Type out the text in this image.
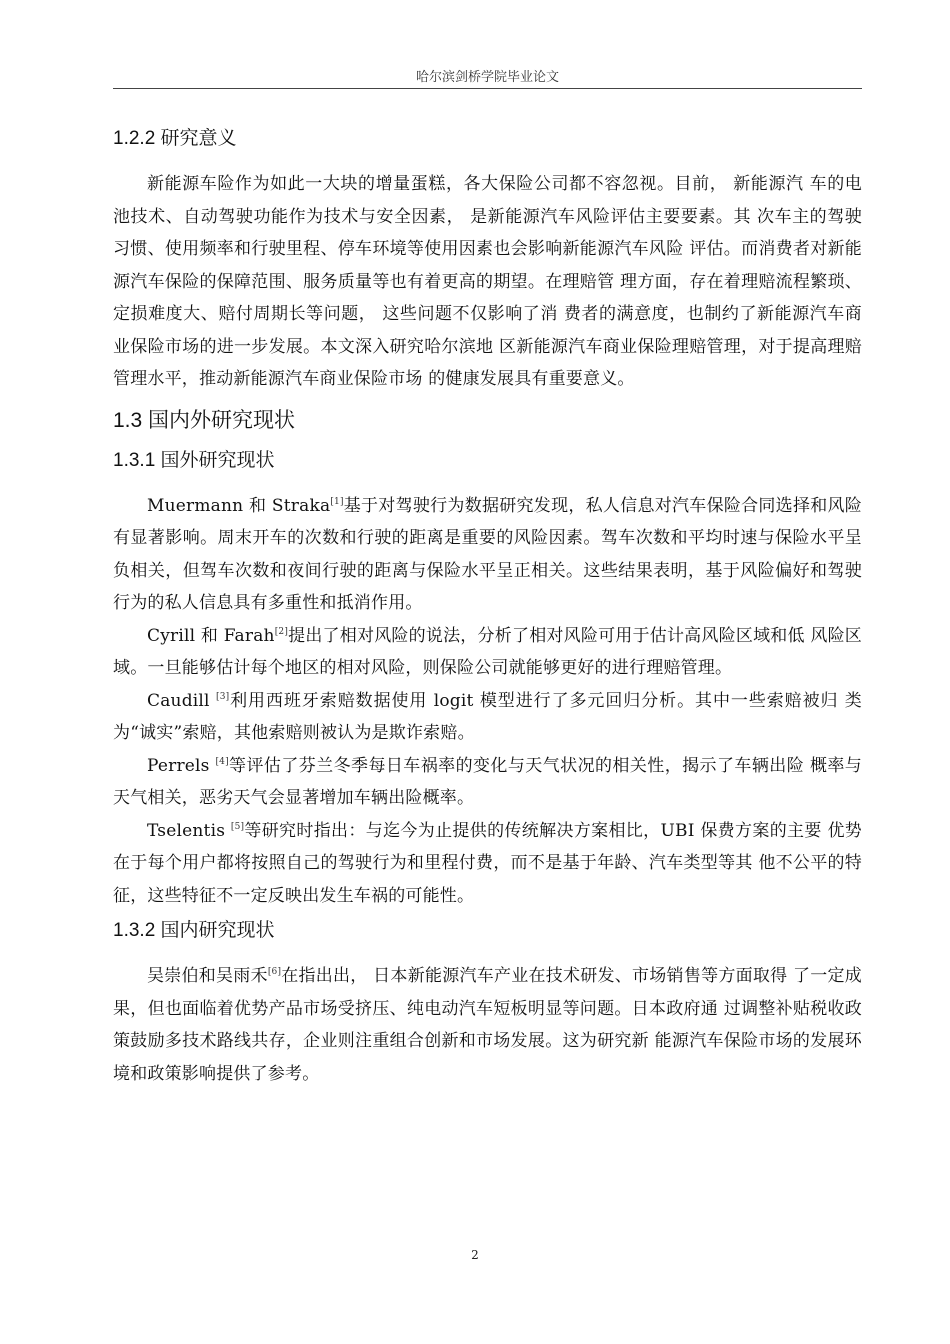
哈尔滨剑桥学院毕业论文
1.2.2 研究意义

新能源车险作为如此一大块的增量蛋糕，各大保险公司都不容忽视。目前， 新能源汽 车的电池技术、自动驾驶功能作为技术与安全因素， 是新能源汽车风险评估主要要素。其 次车主的驾驶习惯、使用频率和行驶里程、停车环境等使用因素也会影响新能源汽车风险 评估。而消费者对新能源汽车保险的保障范围、服务质量等也有着更高的期望。在理赔管 理方面，存在着理赔流程繁琐、定损难度大、赔付周期长等问题， 这些问题不仅影响了消 费者的满意度，也制约了新能源汽车商业保险市场的进一步发展。本文深入研究哈尔滨地 区新能源汽车商业保险理赔管理，对于提高理赔管理水平，推动新能源汽车商业保险市场 的健康发展具有重要意义。

1.3 国内外研究现状
1.3.1 国外研究现状

Muermann 和 Straka[1]基于对驾驶行为数据研究发现，私人信息对汽车保险合同选择和风险有显著影响。周末开车的次数和行驶的距离是重要的风险因素。驾车次数和平均时速与保险水平呈负相关，但驾车次数和夜间行驶的距离与保险水平呈正相关。这些结果表明，基于风险偏好和驾驶行为的私人信息具有多重性和抵消作用。

Cyrill 和 Farah[2]提出了相对风险的说法，分析了相对风险可用于估计高风险区域和低 风险区域。一旦能够估计每个地区的相对风险，则保险公司就能够更好的进行理赔管理。

Caudill [3]利用西班牙索赔数据使用 logit 模型进行了多元回归分析。其中一些索赔被归 类为“诚实”索赔，其他索赔则被认为是欺诈索赔。

Perrels [4]等评估了芬兰冬季每日车祸率的变化与天气状况的相关性，揭示了车辆出险 概率与天气相关，恶劣天气会显著增加车辆出险概率。

Tselentis [5]等研究时指出：与迄今为止提供的传统解决方案相比，UBI 保费方案的主要 优势在于每个用户都将按照自己的驾驶行为和里程付费，而不是基于年龄、汽车类型等其 他不公平的特征，这些特征不一定反映出发生车祸的可能性。

1.3.2 国内研究现状

吴崇伯和吴雨禾[6]在指出出， 日本新能源汽车产业在技术研发、市场销售等方面取得 了一定成果，但也面临着优势产品市场受挤压、纯电动汽车短板明显等问题。日本政府通 过调整补贴税收政策鼓励多技术路线共存，企业则注重组合创新和市场发展。这为研究新 能源汽车保险市场的发展环境和政策影响提供了参考。

2
